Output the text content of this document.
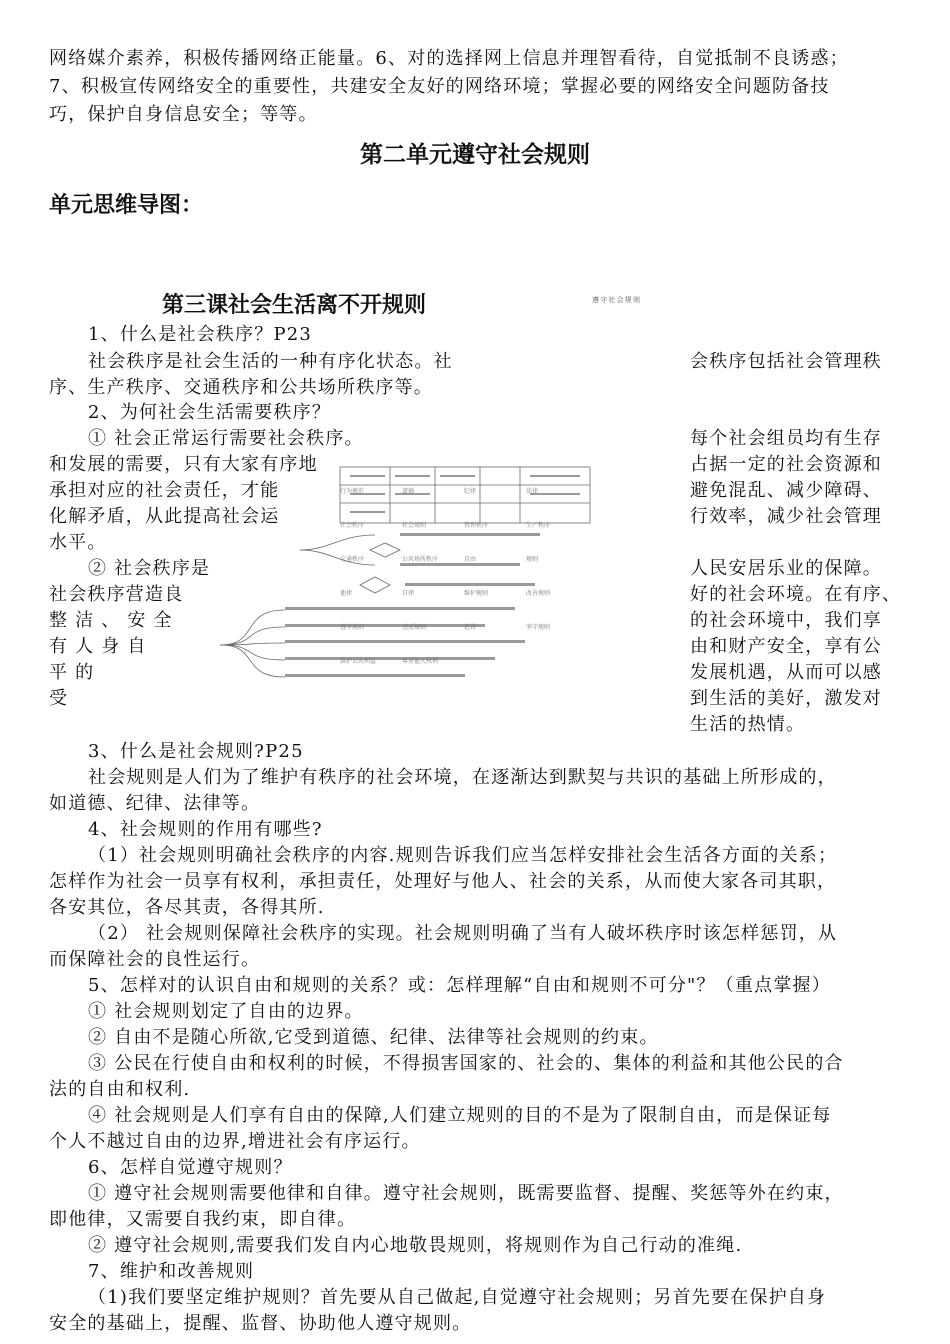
网络媒介素养，积极传播网络正能量。6、对的选择网上信息并理智看待，自觉抵制不良诱惑；
7、积极宣传网络安全的重要性，共建安全友好的网络环境；掌握必要的网络安全问题防备技
巧，保护自身信息安全；等等。
第二单元遵守社会规则
单元思维导图：
第三课社会生活离不开规则	遵守社会规则
1、什么是社会秩序？P23
社会秩序是社会生活的一种有序化状态。社	会秩序包括社会管理秩
序、生产秩序、交通秩序和公共场所秩序等。
2、为何社会生活需要秩序？
① 社会正常运行需要社会秩序。	每个社会组员均有生存
和发展的需要，只有大家有序地	占据一定的社会资源和
承担对应的社会责任，才能	避免混乱、减少障碍、
化解矛盾，从此提高社会运	行效率，减少社会管理
水平。
② 社会秩序是	人民安居乐业的保障。
社会秩序营造良	好的社会环境。在有序、
整 洁 、 安 全	的社会环境中，我们享
有 人 身 自	由和财产安全，享有公
平 的	发展机遇，从而可以感
受	到生活的美好，激发对
生活的热情。
3、什么是社会规则?P25
社会规则是人们为了维护有秩序的社会环境，在逐渐达到默契与共识的基础上所形成的，
如道德、纪律、法律等。
4、社会规则的作用有哪些?
（1）社会规则明确社会秩序的内容.规则告诉我们应当怎样安排社会生活各方面的关系；
怎样作为社会一员享有权利，承担责任，处理好与他人、社会的关系，从而使大家各司其职，
各安其位，各尽其责，各得其所.
（2） 社会规则保障社会秩序的实现。社会规则明确了当有人破坏秩序时该怎样惩罚，从
而保障社会的良性运行。
5、怎样对的认识自由和规则的关系？或：怎样理解“自由和规则不可分"？（重点掌握）
① 社会规则划定了自由的边界。
② 自由不是随心所欲,它受到道德、纪律、法律等社会规则的约束。
③ 公民在行使自由和权利的时候，不得损害国家的、社会的、集体的利益和其他公民的合
法的自由和权利.
④ 社会规则是人们享有自由的保障,人们建立规则的目的不是为了限制自由，而是保证每
个人不越过自由的边界,增进社会有序运行。
6、怎样自觉遵守规则？
① 遵守社会规则需要他律和自律。遵守社会规则，既需要监督、提醒、奖惩等外在约束，
即他律，又需要自我约束，即自律。
② 遵守社会规则,需要我们发自内心地敬畏规则，将规则作为自己行动的准绳.
7、维护和改善规则
（1)我们要坚定维护规则？首先要从自己做起,自觉遵守社会规则；另首先要在保护自身
安全的基础上，提醒、监督、协助他人遵守规则。
行为规范	道德	纪律	法律
社会秩序	社会规则	管理秩序	生产秩序
交通秩序	公共场所秩序	自由	规则
他律	自律	维护规则	改善规则
遵守规则	违反规则	惩罚	坚守规则
维护公共利益	尊重他人权利
